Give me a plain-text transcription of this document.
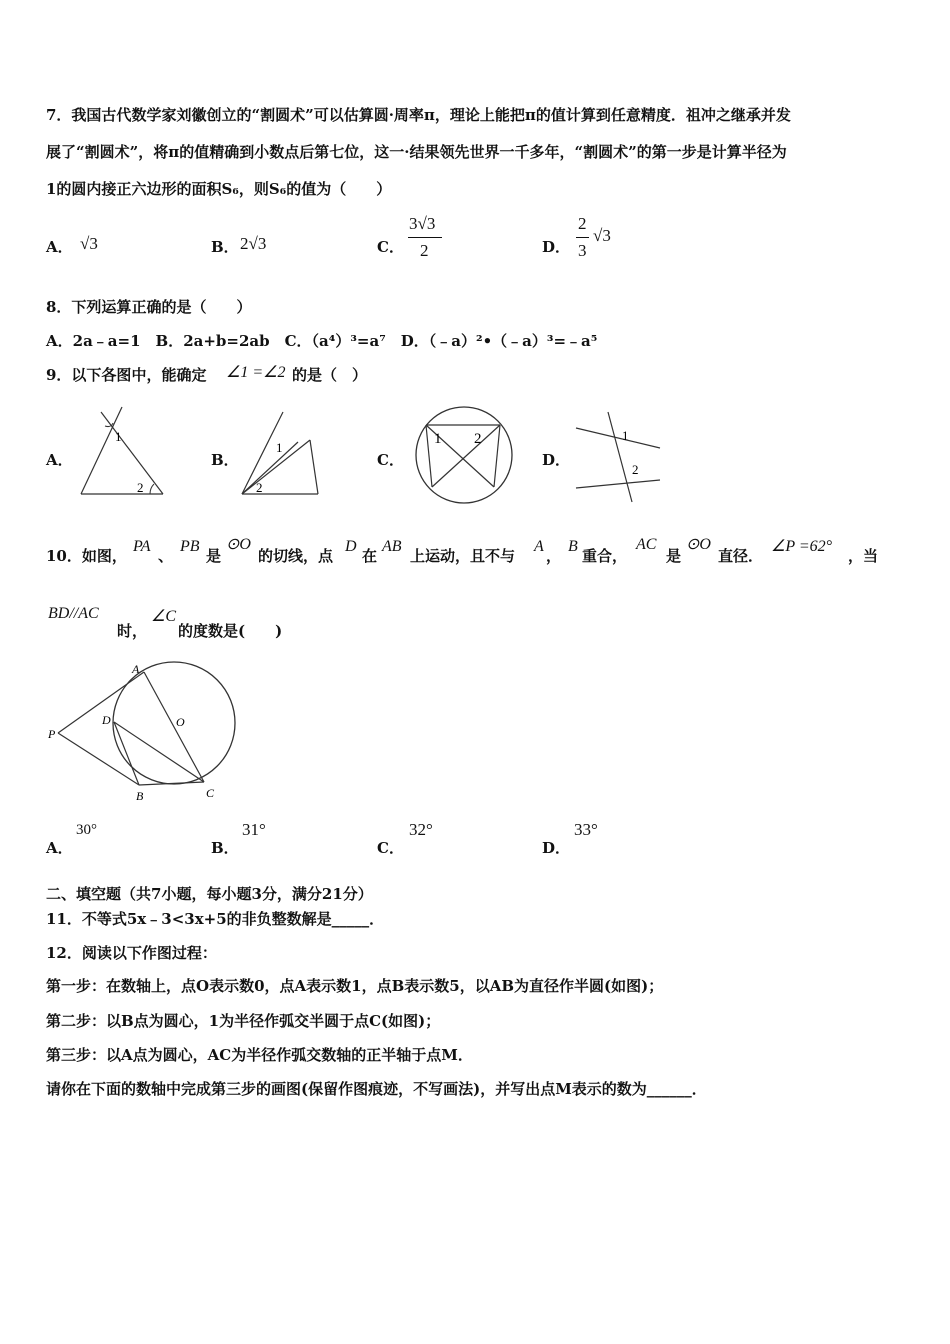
7．我国古代数学家刘徽创立的“割圆术”可以估算圆·周率π，理论上能把π的值计算到任意精度．祖冲之继承并发
展了“割圆术”，将π的值精确到小数点后第七位，这一·结果领先世界一千多年，“割圆术”的第一步是计算半径为
1的圆内接正六边形的面积S₆，则S₆的值为（　　）
A． √3	B． 2√3	C．
3√3
2	D．
2
3
√3
8．下列运算正确的是（　　）
A．2a﹣a=1　B．2a+b=2ab　C．（a⁴）³=a⁷　D．（﹣a）²•（﹣a）³=﹣a⁵
9．以下各图中，能确定 ∠1 =∠2 的是（　）
A．
1
2
B．
1
2
C．
1 2
D．
1
2
10．如图，
PA
、
PB
是
⊙O
的切线，点
D
在
AB
上运动，且不与
A
，
B
重合，
AC
是
⊙O
直径．
∠P =62°
，当
BD//AC
时，
∠C
的度数是(　　)
A
O
P
D
B	C
A．
30°
B．
31°
C．
32°
D．
33°
二、填空题（共7小题，每小题3分，满分21分）
11．不等式5x﹣3<3x+5的非负整数解是_____．
12．阅读以下作图过程：
第一步：在数轴上，点O表示数0，点A表示数1，点B表示数5，以AB为直径作半圆(如图)；
第二步：以B点为圆心，1为半径作弧交半圆于点C(如图)；
第三步：以A点为圆心，AC为半径作弧交数轴的正半轴于点M．
请你在下面的数轴中完成第三步的画图(保留作图痕迹，不写画法)，并写出点M表示的数为______．
